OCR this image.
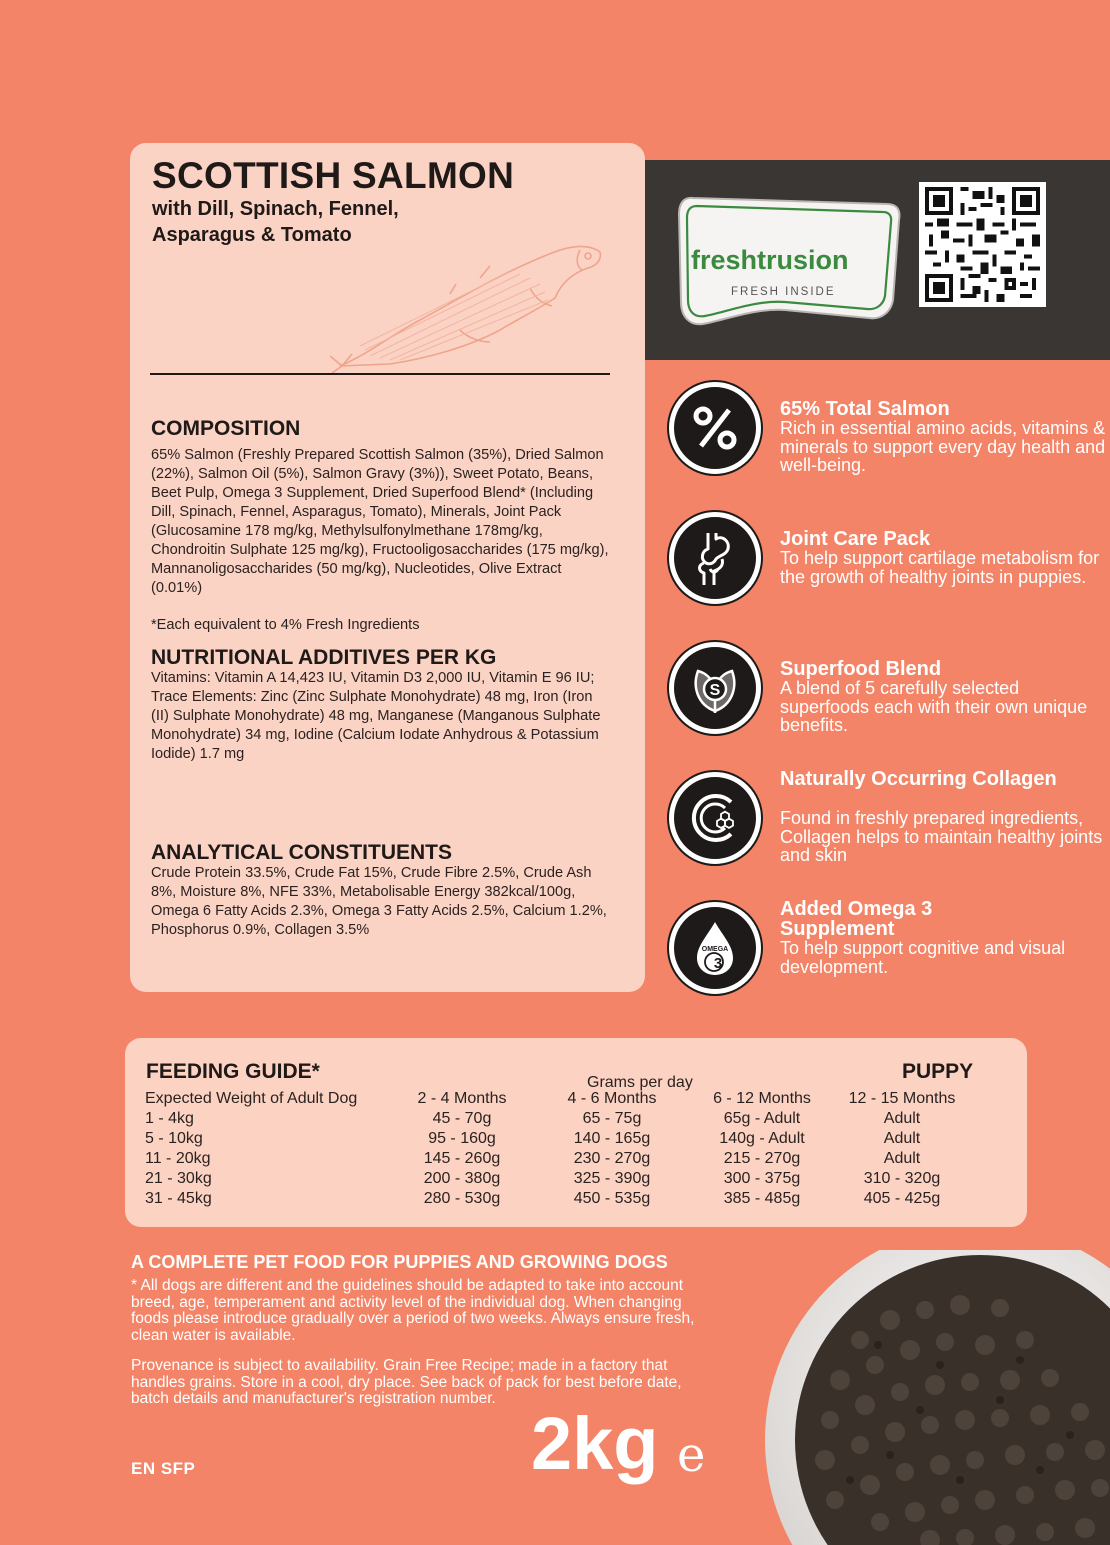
SCOTTISH SALMON
with Dill, Spinach, Fennel, Asparagus & Tomato
COMPOSITION
65% Salmon (Freshly Prepared Scottish Salmon (35%), Dried Salmon (22%), Salmon Oil (5%), Salmon Gravy (3%)), Sweet Potato, Beans, Beet Pulp, Omega 3 Supplement, Dried Superfood Blend* (Including Dill, Spinach, Fennel, Asparagus, Tomato), Minerals, Joint Pack (Glucosamine 178 mg/kg, Methylsulfonylmethane 178mg/kg, Chondroitin Sulphate 125 mg/kg), Fructooligosaccharides (175 mg/kg), Mannanoligosaccharides (50 mg/kg), Nucleotides, Olive Extract (0.01%)
*Each equivalent to 4% Fresh Ingredients
NUTRITIONAL ADDITIVES PER KG
Vitamins: Vitamin A 14,423 IU, Vitamin D3 2,000 IU, Vitamin E 96 IU; Trace Elements: Zinc (Zinc Sulphate Monohydrate) 48 mg, Iron (Iron (II) Sulphate Monohydrate) 48 mg, Manganese (Manganous Sulphate Monohydrate) 34 mg, Iodine (Calcium Iodate Anhydrous & Potassium Iodide) 1.7 mg
ANALYTICAL CONSTITUENTS
Crude Protein 33.5%, Crude Fat 15%, Crude Fibre 2.5%, Crude Ash 8%, Moisture 8%, NFE 33%, Metabolisable Energy 382kcal/100g, Omega 6 Fatty Acids 2.3%, Omega 3 Fatty Acids 2.5%, Calcium 1.2%, Phosphorus 0.9%, Collagen 3.5%
freshtrusion
FRESH INSIDE
65% Total Salmon
Rich in essential amino acids, vitamins & minerals to support every day health and well-being.
Joint Care Pack
To help support cartilage metabolism for the growth of healthy joints in puppies.
S
Superfood Blend
A blend of 5 carefully selected superfoods each with their own unique benefits.
Naturally Occurring Collagen
Found in freshly prepared ingredients, Collagen helps to maintain healthy joints and skin
OMEGA
3
Added Omega 3 Supplement
To help support cognitive and visual development.
FEEDING GUIDE*	Grams per day	PUPPY
Expected Weight of Adult Dog	2 - 4 Months	4 - 6 Months	6 - 12 Months	12 - 15 Months
1 - 4kg	45 - 70g	65 - 75g	65g - Adult	Adult
5 - 10kg	95 - 160g	140 - 165g	140g - Adult	Adult
11 - 20kg	145 - 260g	230 - 270g	215 - 270g	Adult
21 - 30kg	200 - 380g	325 - 390g	300 - 375g	310 - 320g
31 - 45kg	280 - 530g	450 - 535g	385 - 485g	405 - 425g
A COMPLETE PET FOOD FOR PUPPIES AND GROWING DOGS
* All dogs are different and the guidelines should be adapted to take into account breed, age, temperament and activity level of the individual dog. When changing foods please introduce gradually over a period of two weeks. Always ensure fresh, clean water is available.
Provenance is subject to availability. Grain Free Recipe; made in a factory that handles grains. Store in a cool, dry place. See back of pack for best before date, batch details and manufacturer's registration number.
EN SFP	2kg e
